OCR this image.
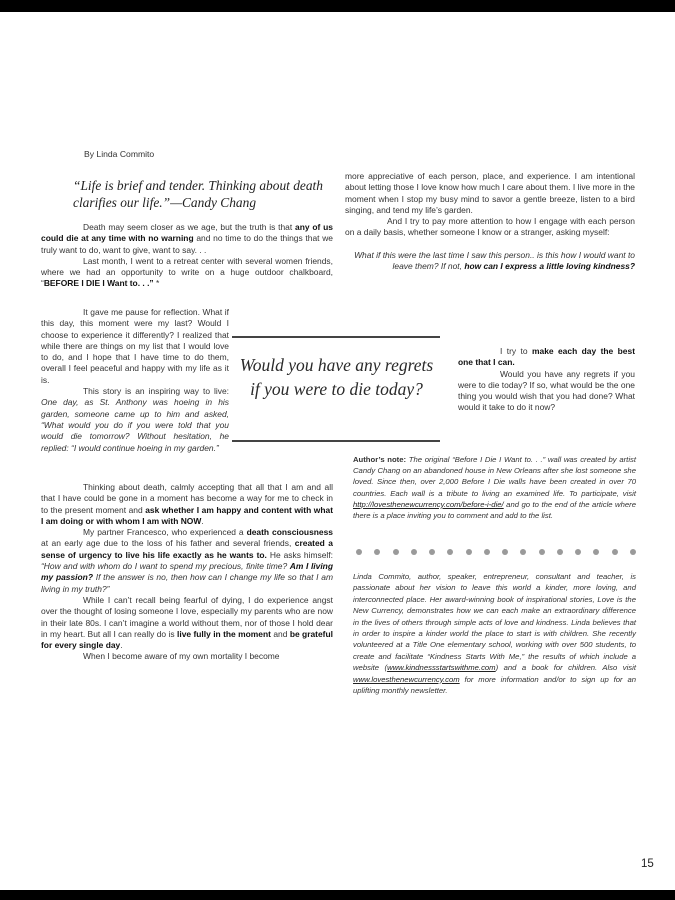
By Linda Commito
“Life is brief and tender. Thinking about death clarifies our life.”—Candy Chang

Death may seem closer as we age, but the truth is that any of us could die at any time with no warning and no time to do the things that we truly want to do, want to give, want to say. . .

Last month, I went to a retreat center with several women friends, where we had an opportunity to write on a huge outdoor chalkboard, “BEFORE I DIE I Want to. . .” *

It gave me pause for reflection. What if this day, this moment were my last? Would I choose to experience it differently? I realized that while there are things on my list that I would love to do, and I hope that I have time to do them, overall I feel peaceful and happy with my life as it is.

This story is an inspiring way to live: One day, as St. Anthony was hoeing in his garden, someone came up to him and asked, “What would you do if you were told that you would die tomorrow? Without hesitation, he replied: “I would continue hoeing in my garden.”

Thinking about death, calmly accepting that all that I am and all that I have could be gone in a moment has become a way for me to check in to the present moment and ask whether I am happy and content with what I am doing or with whom I am with NOW.

My partner Francesco, who experienced a death consciousness at an early age due to the loss of his father and several friends, created a sense of urgency to live his life exactly as he wants to. He asks himself: “How and with whom do I want to spend my precious, finite time? Am I living my passion? If the answer is no, then how can I change my life so that I am living in my truth?”

While I can’t recall being fearful of dying, I do experience angst over the thought of losing someone I love, especially my parents who are now in their late 80s. I can’t imagine a world without them, nor of those I hold dear in my heart. But all I can really do is live fully in the moment and be grateful for every single day.

When I become aware of my own mortality I become

more appreciative of each person, place, and experience. I am intentional about letting those I love know how much I care about them. I live more in the moment when I stop my busy mind to savor a gentle breeze, listen to a bird singing, and tend my life’s garden.

And I try to pay more attention to how I engage with each person on a daily basis, whether someone I know or a stranger, asking myself:

What if this were the last time I saw this person.. is this how I would want to leave them? If not, how can I express a little loving kindness?

I try to make each day the best one that I can.

Would you have any regrets if you were to die today? If so, what would be the one thing you would wish that you had done? What would it take to do it now?

Would you have any regrets if you were to die today?
Author’s note: The original “Before I Die I Want to. . .” wall was created by artist Candy Chang on an abandoned house in New Orleans after she lost someone she loved. Since then, over 2,000 Before I Die walls have been created in over 70 countries. Each wall is a tribute to living an examined life. To participate, visit http://lovesthenewcurrency.com/before-i-die/ and go to the end of the article where there is a place inviting you to comment and add to the list.
Linda Commito, author, speaker, entrepreneur, consultant and teacher, is passionate about her vision to leave this world a kinder, more loving, and interconnected place. Her award-winning book of inspirational stories, Love is the New Currency, demonstrates how we can each make an extraordinary difference in the lives of others through simple acts of love and kindness. Linda believes that in order to inspire a kinder world the place to start is with children. She recently volunteered at a Title One elementary school, working with over 500 students, to create and facilitate “Kindness Starts With Me,” the results of which include a website (www.kindnessstartswithme.com) and a book for children. Also visit www.lovesthenewcurrency.com for more information and/or to sign up for an uplifting monthly newsletter.
15
